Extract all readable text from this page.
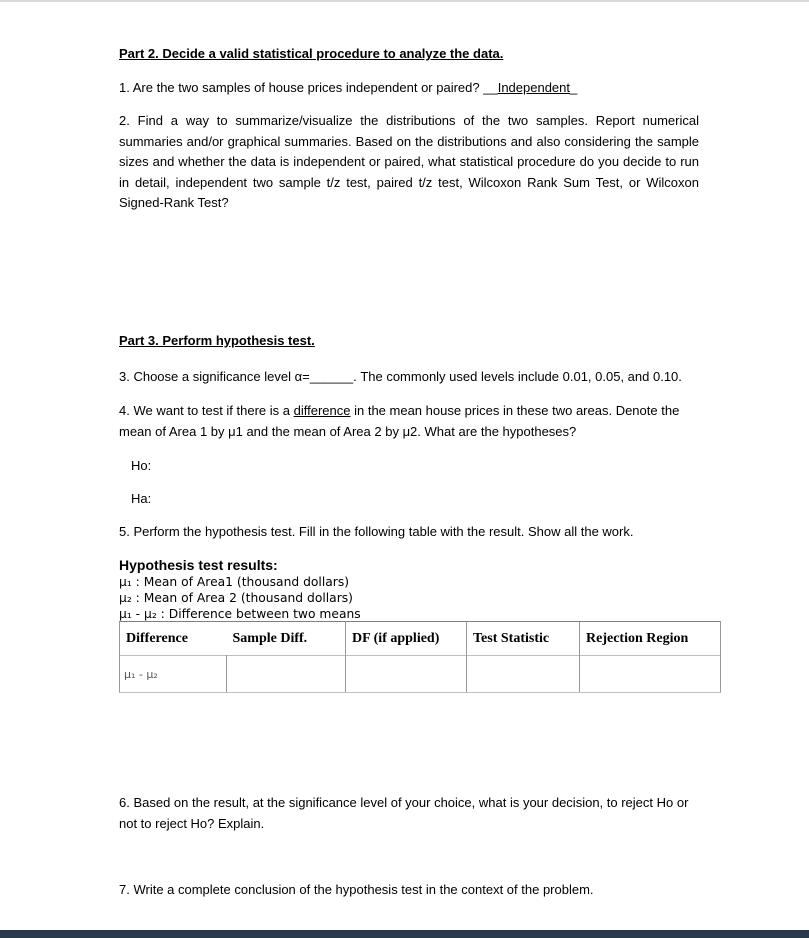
Part 2. Decide a valid statistical procedure to analyze the data.
1. Are the two samples of house prices independent or paired? __Independent_
2. Find a way to summarize/visualize the distributions of the two samples. Report numerical summaries and/or graphical summaries. Based on the distributions and also considering the sample sizes and whether the data is independent or paired, what statistical procedure do you decide to run in detail, independent two sample t/z test, paired t/z test, Wilcoxon Rank Sum Test, or Wilcoxon Signed-Rank Test?
Part 3. Perform hypothesis test.
3. Choose a significance level α=______. The commonly used levels include 0.01, 0.05, and 0.10.
4. We want to test if there is a difference in the mean house prices in these two areas. Denote the mean of Area 1 by μ1 and the mean of Area 2 by μ2. What are the hypotheses?
Ho:
Ha:
5. Perform the hypothesis test. Fill in the following table with the result. Show all the work.
Hypothesis test results:
μ₁ : Mean of Area1 (thousand dollars)
μ₂ : Mean of Area 2 (thousand dollars)
μ₁ - μ₂ : Difference between two means
Difference	Sample Diff.	DF (if applied)	Test Statistic	Rejection Region
μ₁ - μ₂				
6. Based on the result, at the significance level of your choice, what is your decision, to reject Ho or not to reject Ho? Explain.
7. Write a complete conclusion of the hypothesis test in the context of the problem.
